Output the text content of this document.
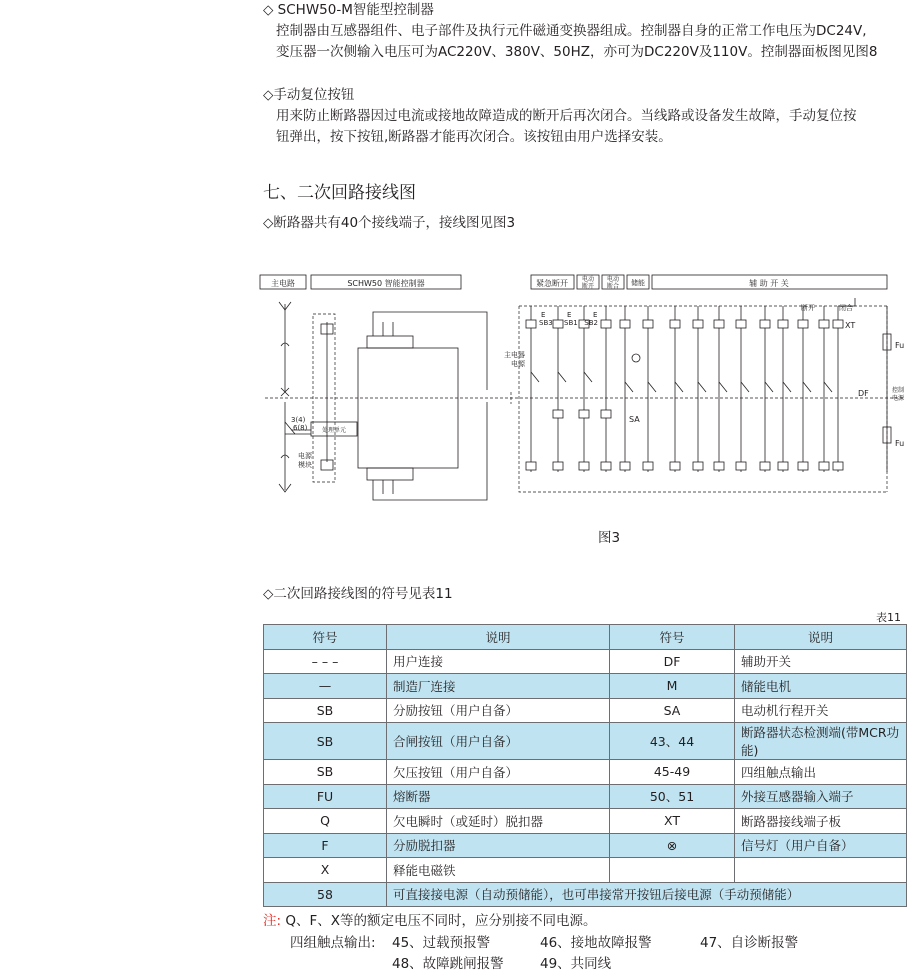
◇ SCHW50-M智能型控制器
控制器由互感器组件、电子部件及执行元件磁通变换器组成。控制器自身的正常工作电压为DC24V,
变压器一次侧输入电压可为AC220V、380V、50HZ，亦可为DC220V及110V。控制器面板图见图8
◇手动复位按钮
用来防止断路器因过电流或接地故障造成的断开后再次闭合。当线路或设备发生故障，手动复位按
钮弹出，按下按钮,断路器才能再次闭合。该按钮由用户选择安装。
七、二次回路接线图
◇断路器共有40个接线端子，接线图见图3
主电路	SCHW50 智能控制器	紧急断开 电动
断开
电动
断合 储能	辅 助 开 关
3(4)
6(8) 处理单元
电源
模块
主电器
电源
SB3 SB1 SB2
E	E	E
SA
断开	闭合
XT
DF
Fu
Fu
控制
电源
图3
◇二次回路接线图的符号见表11
表11
符号	说明	符号	说明
– – –	用户连接	DF	辅助开关
—	制造厂连接	M	储能电机
SB	分励按钮（用户自备）	SA	电动机行程开关
SB	合闸按钮（用户自备）	43、44	断路器状态检测端(带MCR功能)
SB	欠压按钮（用户自备）	45-49	四组触点输出
FU	熔断器	50、51	外接互感器输入端子
Q	欠电瞬时（或延时）脱扣器	XT	断路器接线端子板
F	分励脱扣器	⊗	信号灯（用户自备）
X	释能电磁铁		
58	可直接接电源（自动预储能），也可串接常开按钮后接电源（手动预储能）		
注: Q、F、X等的额定电压不同时，应分别接不同电源。
四组触点输出: 45、过载预报警	46、接地故障报警	47、自诊断报警
48、故障跳闸报警	49、共同线
